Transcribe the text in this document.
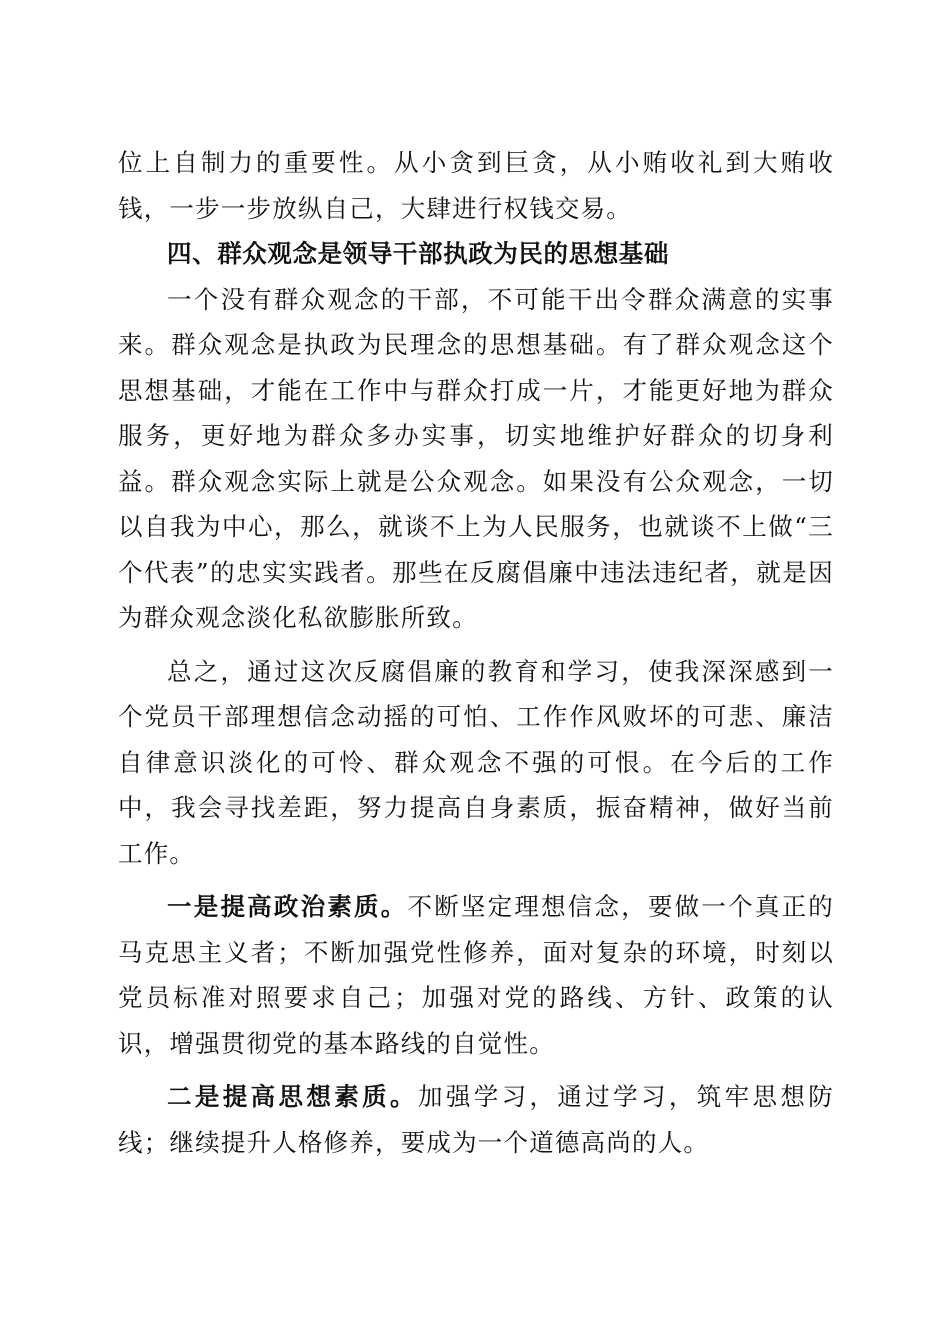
位上自制力的重要性。从小贪到巨贪，从小贿收礼到大贿收钱，一步一步放纵自己，大肆进行权钱交易。

四、群众观念是领导干部执政为民的思想基础

一个没有群众观念的干部，不可能干出令群众满意的实事来。群众观念是执政为民理念的思想基础。有了群众观念这个思想基础，才能在工作中与群众打成一片，才能更好地为群众服务，更好地为群众多办实事，切实地维护好群众的切身利益。群众观念实际上就是公众观念。如果没有公众观念，一切以自我为中心，那么，就谈不上为人民服务，也就谈不上做“三个代表”的忠实实践者。那些在反腐倡廉中违法违纪者，就是因为群众观念淡化私欲膨胀所致。

总之，通过这次反腐倡廉的教育和学习，使我深深感到一个党员干部理想信念动摇的可怕、工作作风败坏的可悲、廉洁自律意识淡化的可怜、群众观念不强的可恨。在今后的工作中，我会寻找差距，努力提高自身素质，振奋精神，做好当前工作。

一是提高政治素质。不断坚定理想信念，要做一个真正的马克思主义者；不断加强党性修养，面对复杂的环境，时刻以党员标准对照要求自己；加强对党的路线、方针、政策的认识，增强贯彻党的基本路线的自觉性。

二是提高思想素质。加强学习，通过学习，筑牢思想防线；继续提升人格修养，要成为一个道德高尚的人。
